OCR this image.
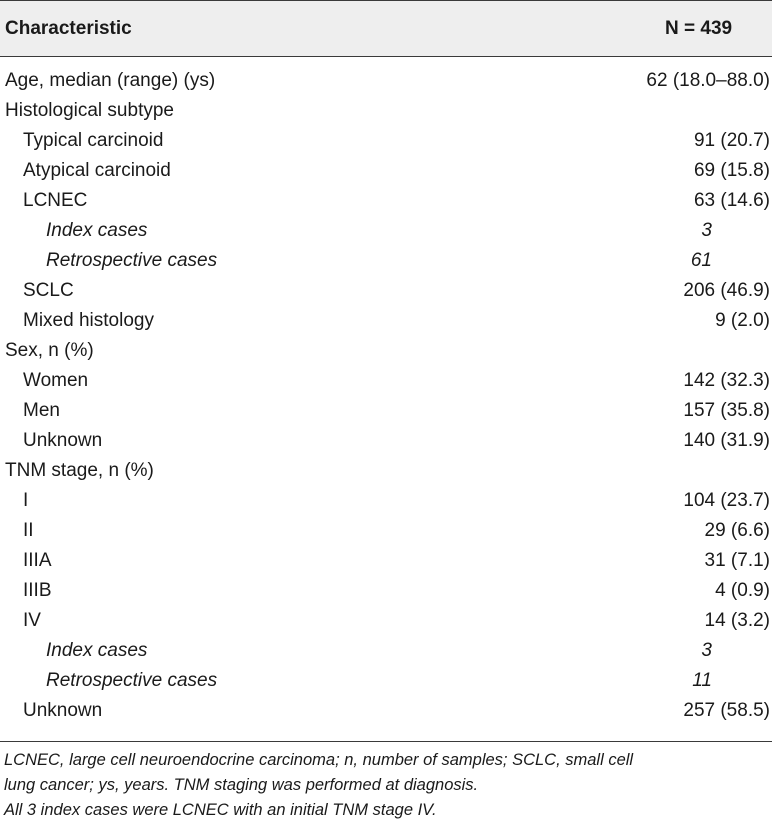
Characteristic	N = 439
Age, median (range) (ys)	62 (18.0–88.0)
Histological subtype
Typical carcinoid	91 (20.7)
Atypical carcinoid	69 (15.8)
LCNEC	63 (14.6)
Index cases	3
Retrospective cases	61
SCLC	206 (46.9)
Mixed histology	9 (2.0)
Sex, n (%)
Women	142 (32.3)
Men	157 (35.8)
Unknown	140 (31.9)
TNM stage, n (%)
I	104 (23.7)
II	29 (6.6)
IIIA	31 (7.1)
IIIB	4 (0.9)
IV	14 (3.2)
Index cases	3
Retrospective cases	11
Unknown	257 (58.5)
LCNEC, large cell neuroendocrine carcinoma; n, number of samples; SCLC, small cell
lung cancer; ys, years. TNM staging was performed at diagnosis.
All 3 index cases were LCNEC with an initial TNM stage IV.
